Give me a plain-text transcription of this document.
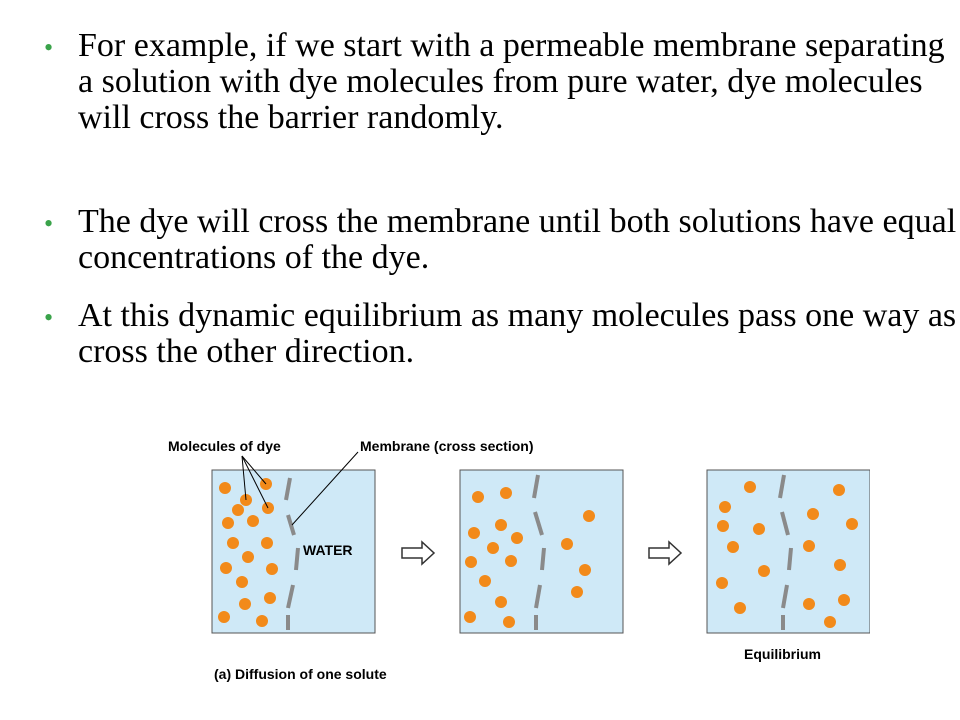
• For example, if we start with a permeable membrane separating a solution with dye molecules from pure water, dye molecules will cross the barrier randomly.
• The dye will cross the membrane until both solutions have equal concentrations of the dye.
• At this dynamic equilibrium as many molecules pass one way as cross the other direction.
Molecules of dye	Membrane (cross section)
WATER
Equilibrium
(a) Diffusion of one solute
